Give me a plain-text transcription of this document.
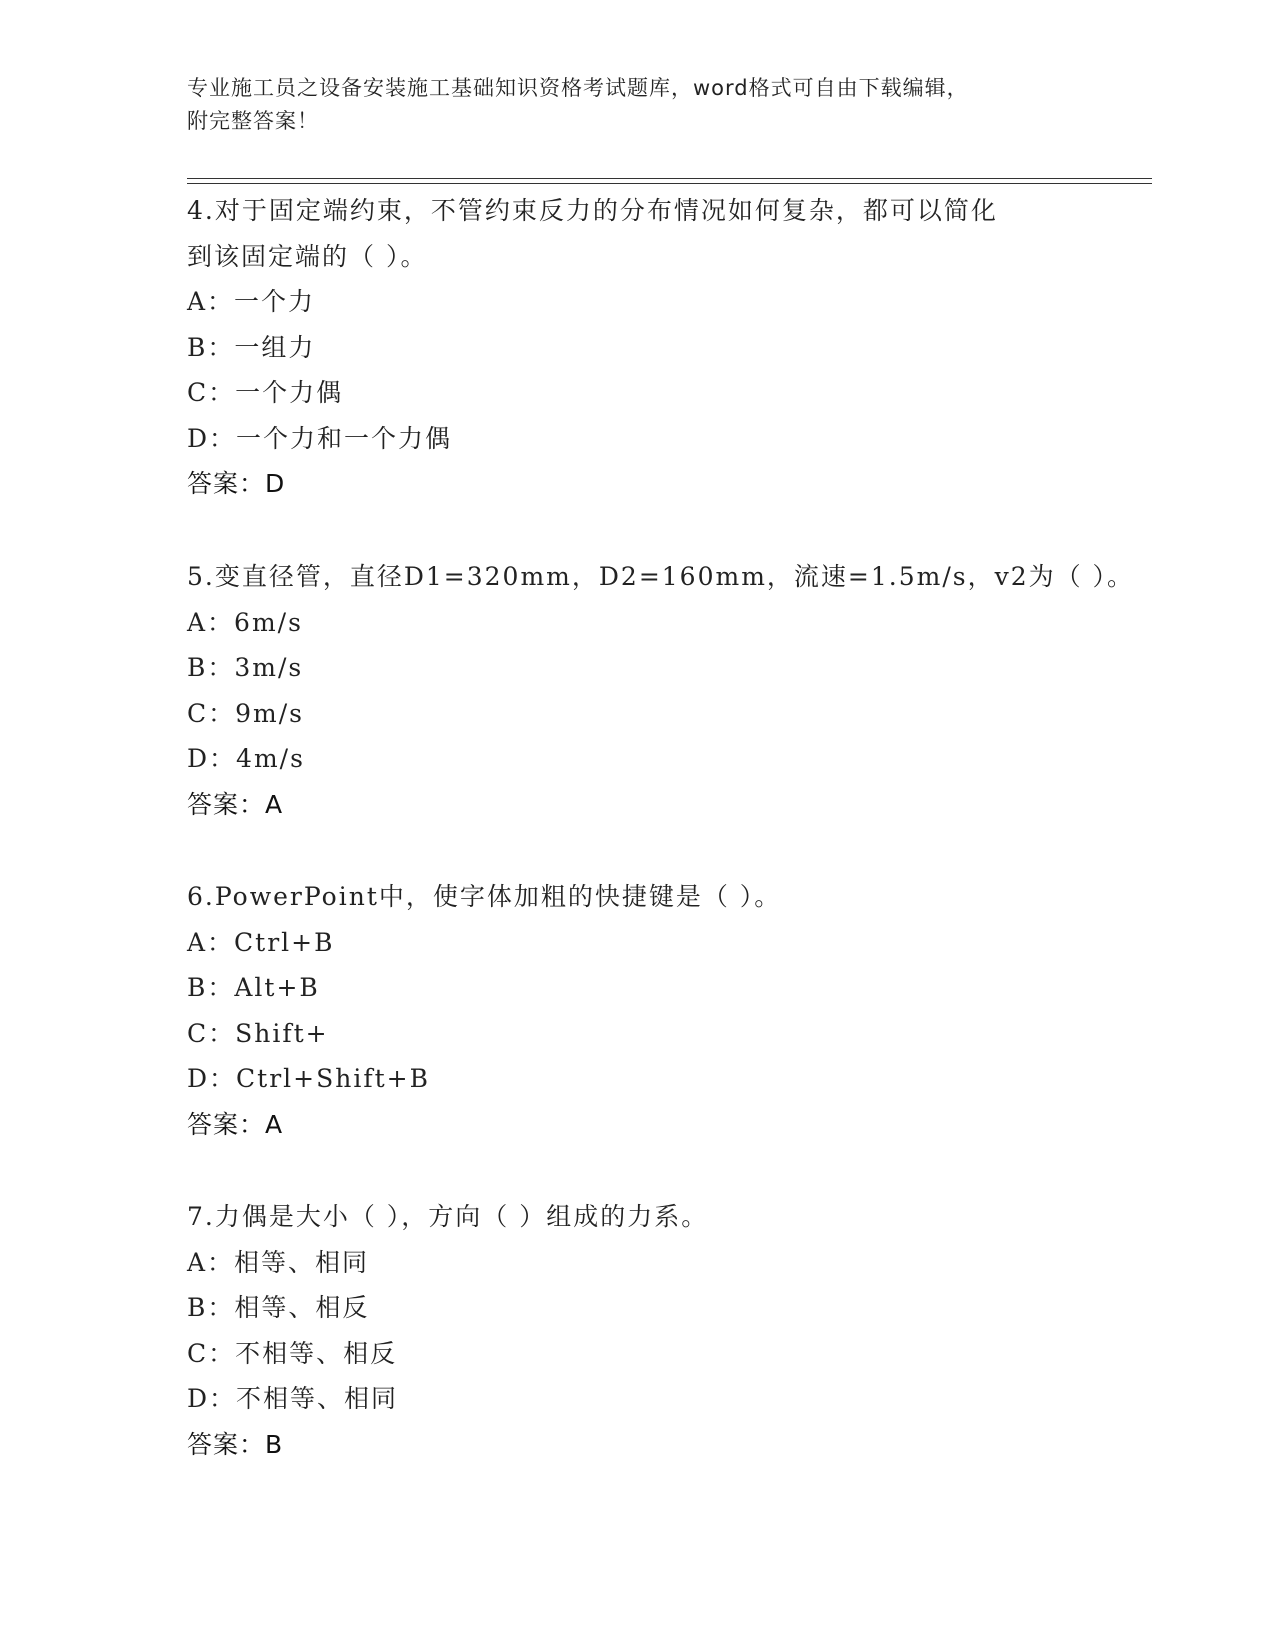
专业施工员之设备安装施工基础知识资格考试题库，word格式可自由下载编辑，
附完整答案！
4.对于固定端约束，不管约束反力的分布情况如何复杂，都可以简化
到该固定端的（ ）。
A：一个力
B：一组力
C：一个力偶
D：一个力和一个力偶
答案：D
5.变直径管，直径D1=320mm，D2=160mm，流速=1.5m/s，v2为（ ）。
A：6m/s
B：3m/s
C：9m/s
D：4m/s
答案：A
6.PowerPoint中，使字体加粗的快捷键是（ ）。
A：Ctrl+B
B：Alt+B
C：Shift+
D：Ctrl+Shift+B
答案：A
7.力偶是大小（ ），方向（ ）组成的力系。
A：相等、相同
B：相等、相反
C：不相等、相反
D：不相等、相同
答案：B
